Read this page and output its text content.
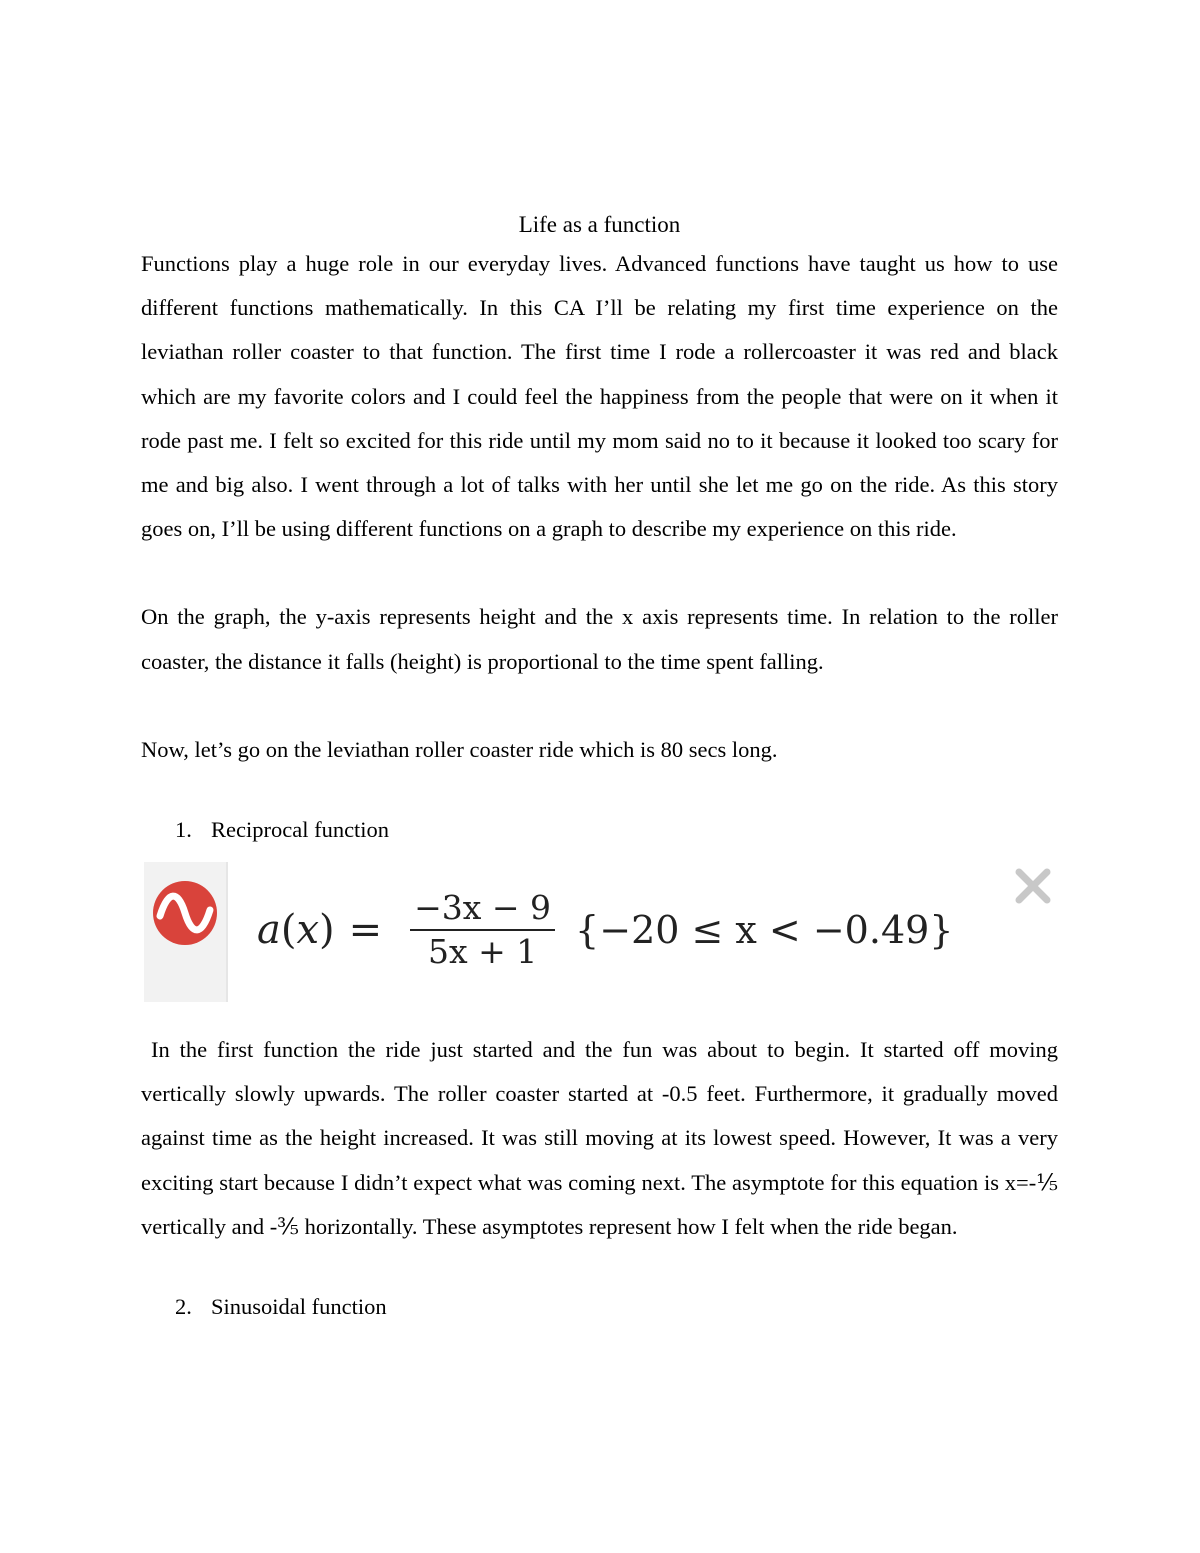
Life as a function

Functions play a huge role in our everyday lives. Advanced functions have taught us how to use different functions mathematically. In this CA I’ll be relating my first time experience on the leviathan roller coaster to that function. The first time I rode a rollercoaster it was red and black which are my favorite colors and I could feel the happiness from the people that were on it when it rode past me. I felt so excited for this ride until my mom said no to it because it looked too scary for me and big also. I went through a lot of talks with her until she let me go on the ride. As this story goes on, I’ll be using different functions on a graph to describe my experience on this ride.

On the graph, the y-axis represents height and the x axis represents time. In relation to the roller coaster, the distance it falls (height) is proportional to the time spent falling.

Now, let’s go on the leviathan roller coaster ride which is 80 secs long.

1. Reciprocal function
a ( x ) = $\frac{-3x - 9}{5x + 1} \{-20 \le x < -0.49\}$

In the first function the ride just started and the fun was about to begin. It started off moving vertically slowly upwards. The roller coaster started at -0.5 feet. Furthermore, it gradually moved against time as the height increased. It was still moving at its lowest speed. However, It was a very exciting start because I didn’t expect what was coming next. The asymptote for this equation is x=-⅕ vertically and -⅗ horizontally. These asymptotes represent how I felt when the ride began.

2. Sinusoidal function
